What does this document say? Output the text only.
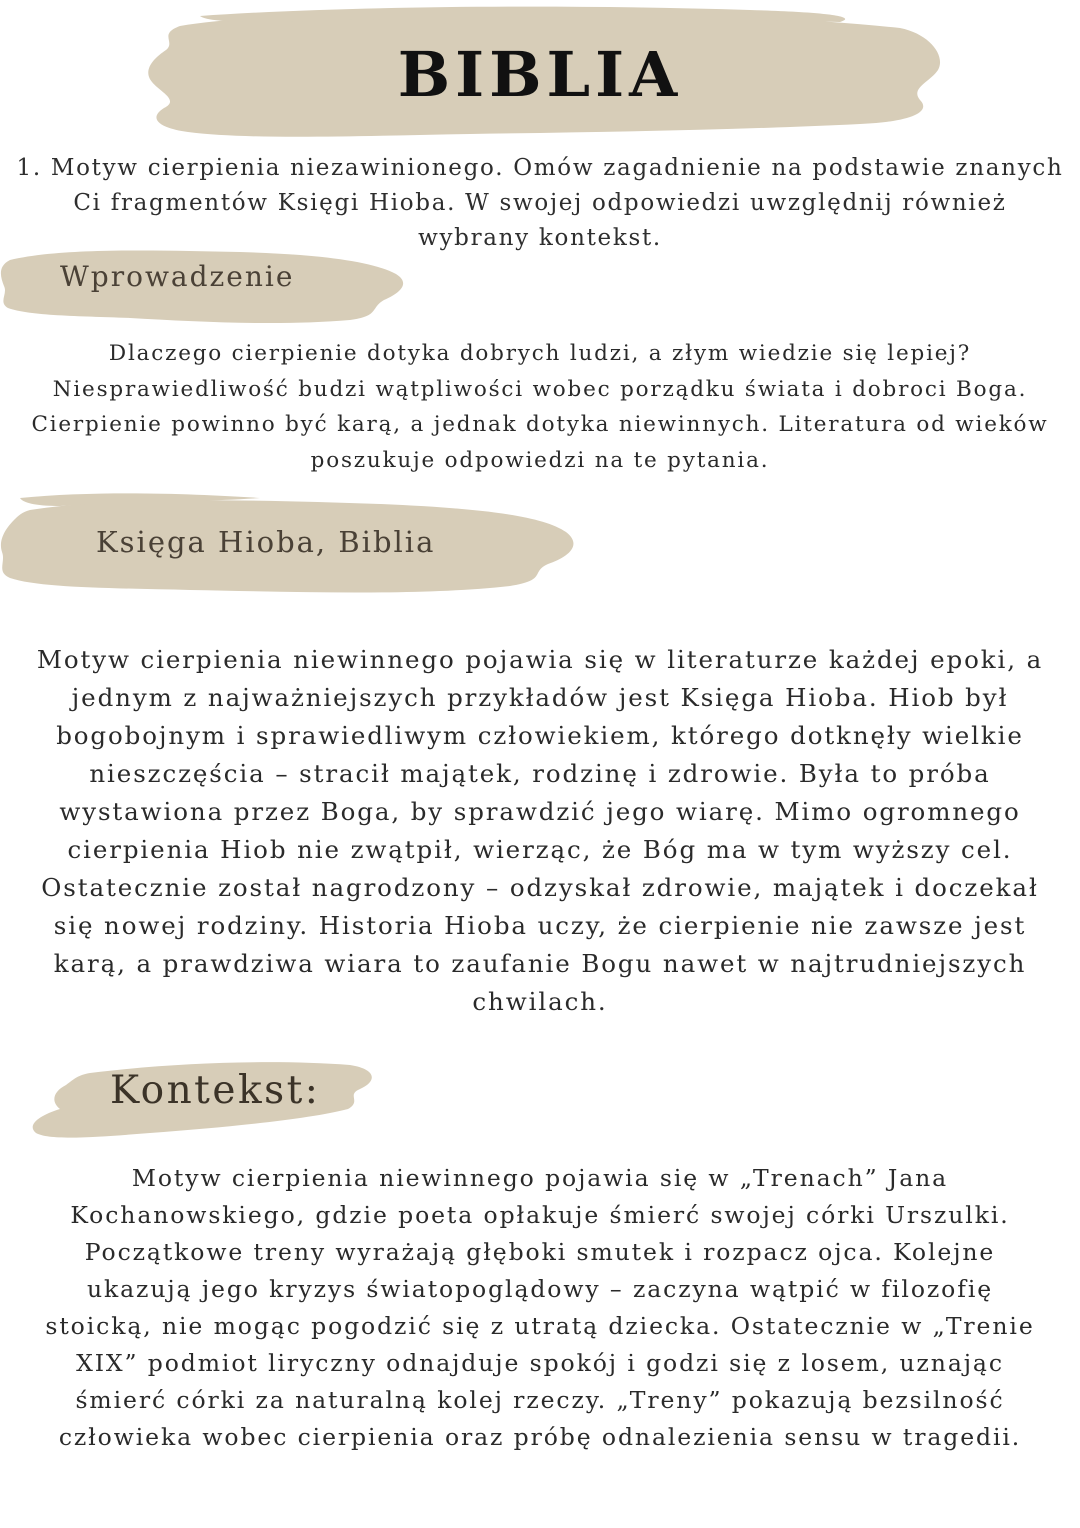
BIBLIA

1. Motyw cierpienia niezawinionego. Omów zagadnienie na podstawie znanych
Ci fragmentów Księgi Hioba. W swojej odpowiedzi uwzględnij również
wybrany kontekst.

Wprowadzenie

Dlaczego cierpienie dotyka dobrych ludzi, a złym wiedzie się lepiej?
Niesprawiedliwość budzi wątpliwości wobec porządku świata i dobroci Boga.
Cierpienie powinno być karą, a jednak dotyka niewinnych. Literatura od wieków
poszukuje odpowiedzi na te pytania.

Księga Hioba, Biblia

Motyw cierpienia niewinnego pojawia się w literaturze każdej epoki, a
jednym z najważniejszych przykładów jest Księga Hioba. Hiob był
bogobojnym i sprawiedliwym człowiekiem, którego dotknęły wielkie
nieszczęścia – stracił majątek, rodzinę i zdrowie. Była to próba
wystawiona przez Boga, by sprawdzić jego wiarę. Mimo ogromnego
cierpienia Hiob nie zwątpił, wierząc, że Bóg ma w tym wyższy cel.
Ostatecznie został nagrodzony – odzyskał zdrowie, majątek i doczekał
się nowej rodziny. Historia Hioba uczy, że cierpienie nie zawsze jest
karą, a prawdziwa wiara to zaufanie Bogu nawet w najtrudniejszych
chwilach.

Kontekst:

Motyw cierpienia niewinnego pojawia się w „Trenach” Jana
Kochanowskiego, gdzie poeta opłakuje śmierć swojej córki Urszulki.
Początkowe treny wyrażają głęboki smutek i rozpacz ojca. Kolejne
ukazują jego kryzys światopoglądowy – zaczyna wątpić w filozofię
stoicką, nie mogąc pogodzić się z utratą dziecka. Ostatecznie w „Trenie
XIX” podmiot liryczny odnajduje spokój i godzi się z losem, uznając
śmierć córki za naturalną kolej rzeczy. „Treny” pokazują bezsilność
człowieka wobec cierpienia oraz próbę odnalezienia sensu w tragedii.
